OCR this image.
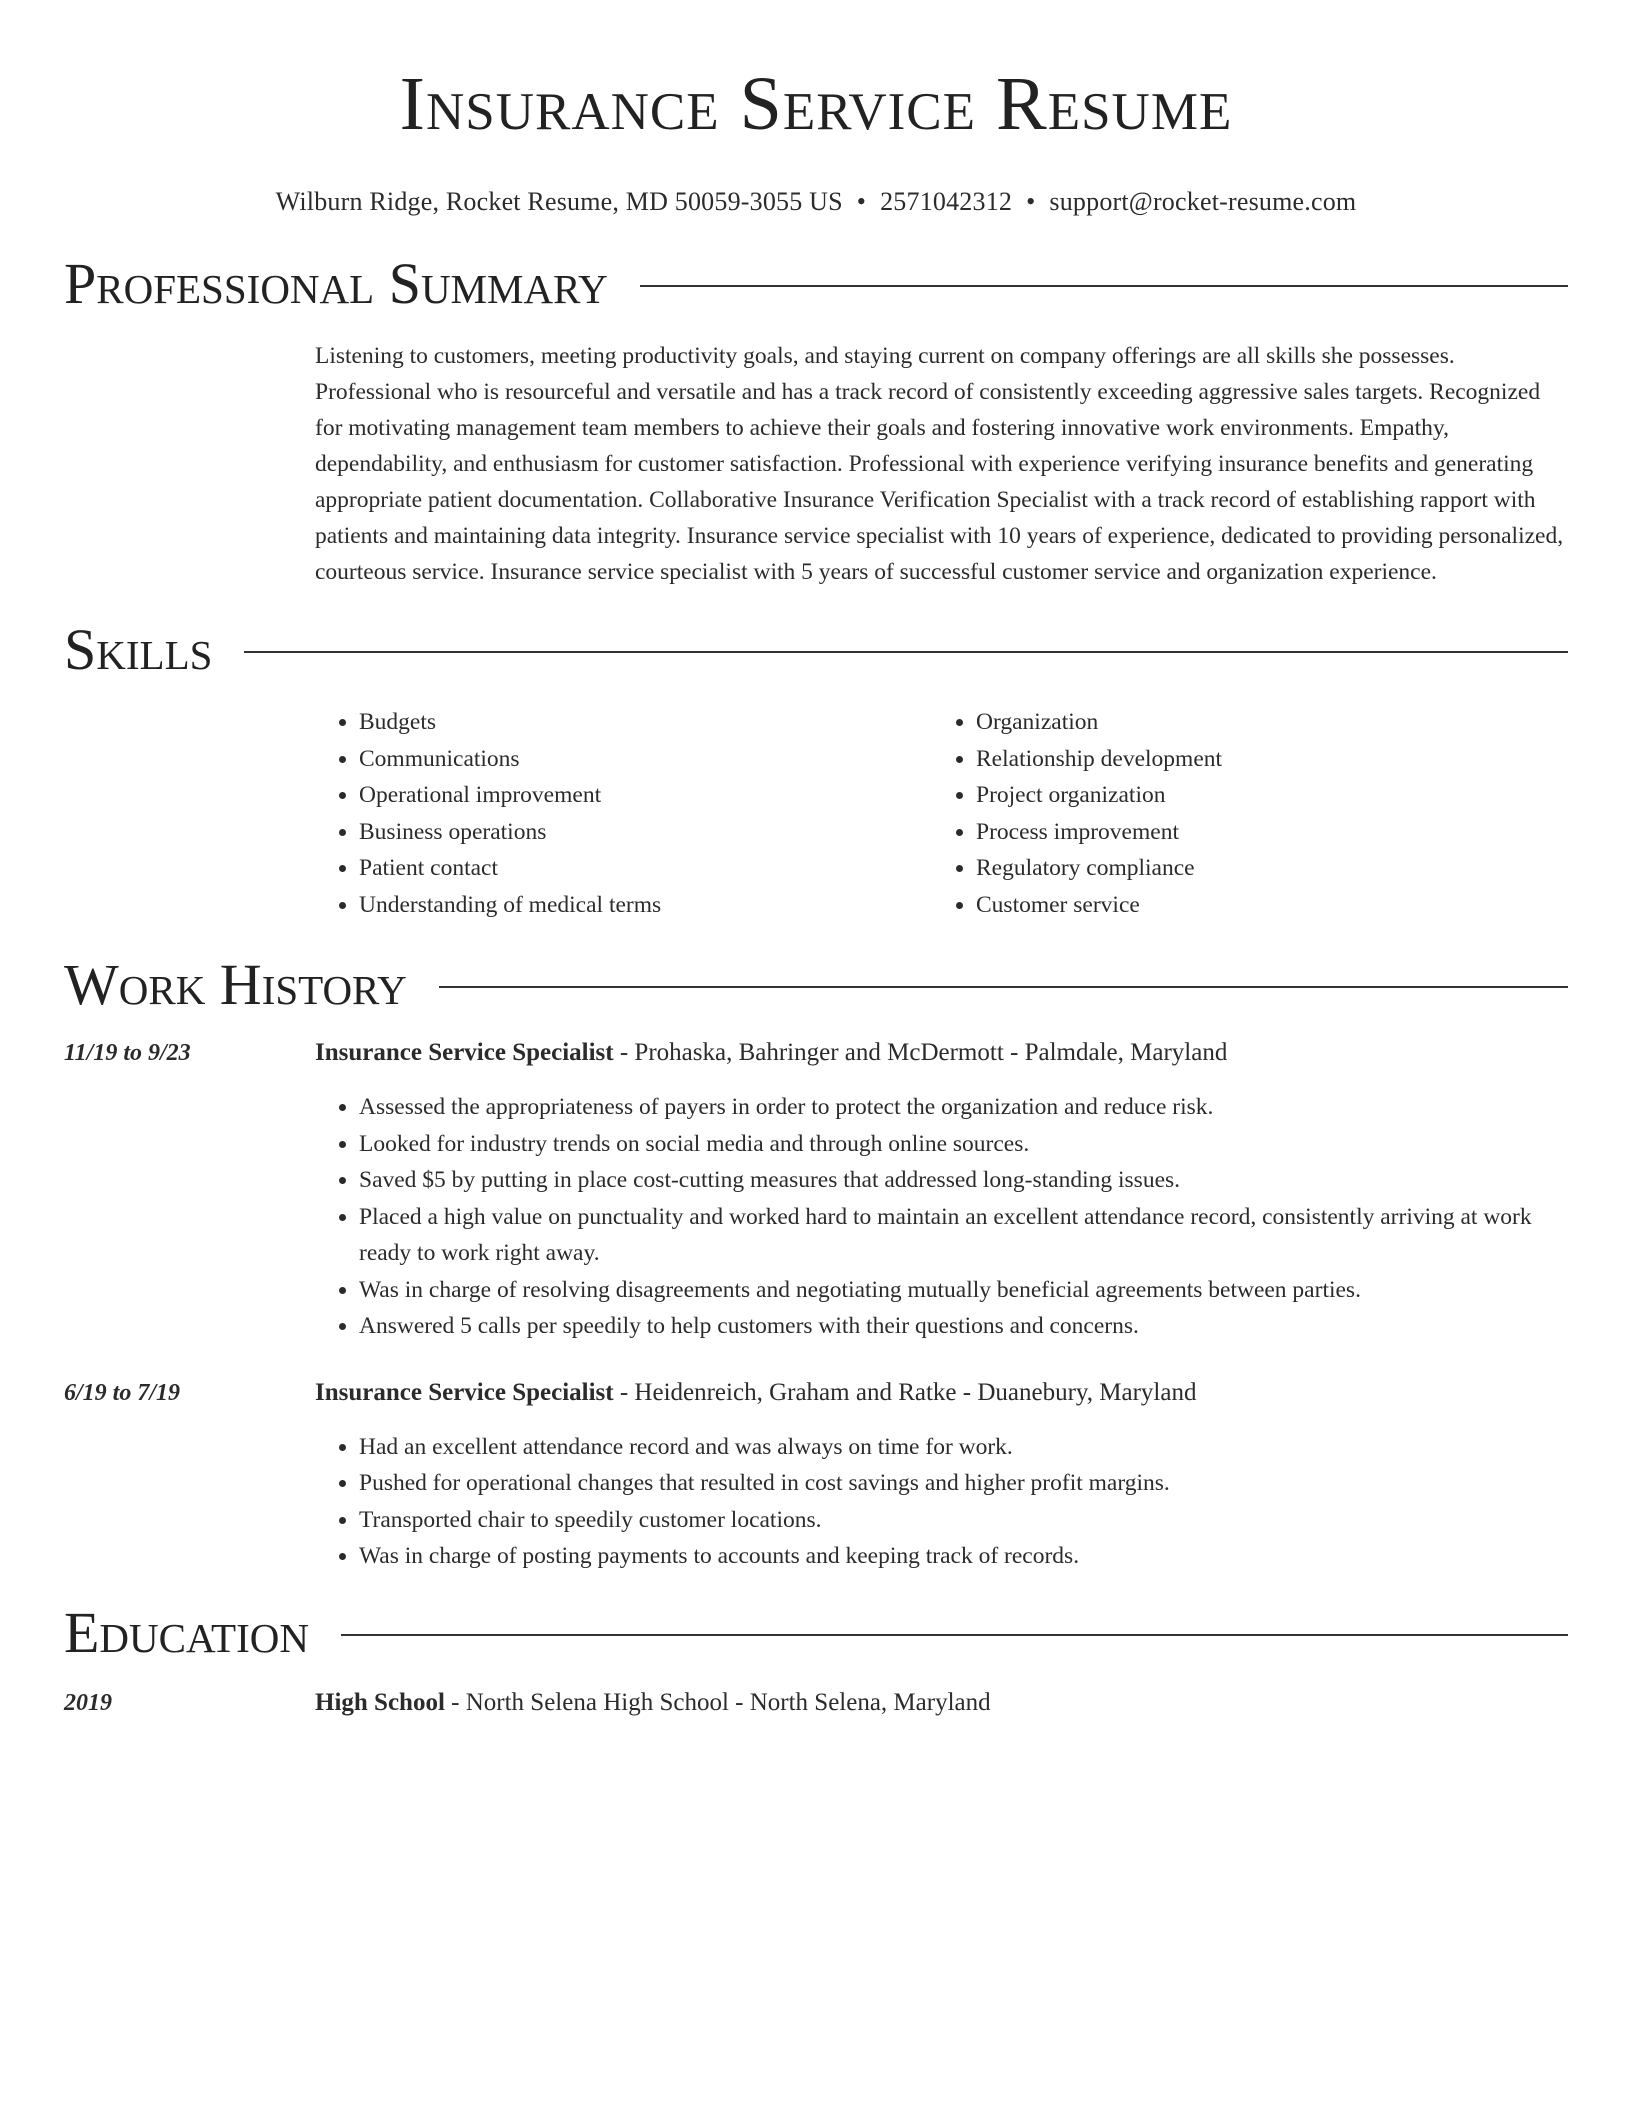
Insurance Service Resume
Wilburn Ridge, Rocket Resume, MD 50059-3055 US • 2571042312 • support@rocket-resume.com
Professional Summary
Listening to customers, meeting productivity goals, and staying current on company offerings are all skills she possesses. Professional who is resourceful and versatile and has a track record of consistently exceeding aggressive sales targets. Recognized for motivating management team members to achieve their goals and fostering innovative work environments. Empathy, dependability, and enthusiasm for customer satisfaction. Professional with experience verifying insurance benefits and generating appropriate patient documentation. Collaborative Insurance Verification Specialist with a track record of establishing rapport with patients and maintaining data integrity. Insurance service specialist with 10 years of experience, dedicated to providing personalized, courteous service. Insurance service specialist with 5 years of successful customer service and organization experience.
Skills
• Budgets
• Communications
• Operational improvement
• Business operations
• Patient contact
• Understanding of medical terms
• Organization
• Relationship development
• Project organization
• Process improvement
• Regulatory compliance
• Customer service
Work History
11/19 to 9/23	Insurance Service Specialist - Prohaska, Bahringer and McDermott - Palmdale, Maryland
• Assessed the appropriateness of payers in order to protect the organization and reduce risk.
• Looked for industry trends on social media and through online sources.
• Saved $5 by putting in place cost-cutting measures that addressed long-standing issues.
• Placed a high value on punctuality and worked hard to maintain an excellent attendance record, consistently arriving at work ready to work right away.
• Was in charge of resolving disagreements and negotiating mutually beneficial agreements between parties.
• Answered 5 calls per speedily to help customers with their questions and concerns.
6/19 to 7/19	Insurance Service Specialist - Heidenreich, Graham and Ratke - Duanebury, Maryland
• Had an excellent attendance record and was always on time for work.
• Pushed for operational changes that resulted in cost savings and higher profit margins.
• Transported chair to speedily customer locations.
• Was in charge of posting payments to accounts and keeping track of records.
Education
2019	High School - North Selena High School - North Selena, Maryland
